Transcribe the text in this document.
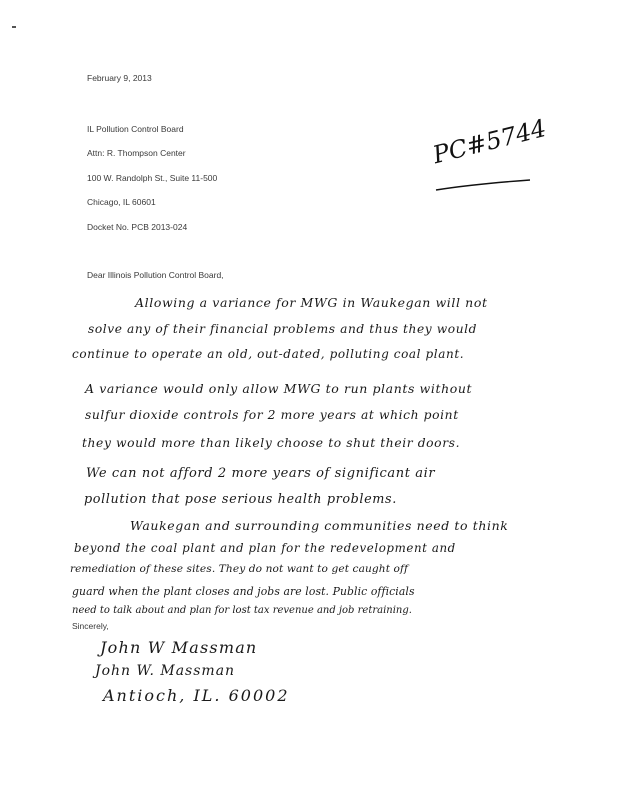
February 9, 2013
IL Pollution Control Board
Attn: R. Thompson Center
100 W. Randolph St., Suite 11-500
Chicago, IL 60601
Docket No. PCB 2013-024
PC#5744
Dear Illinois Pollution Control Board,
Allowing a variance for MWG in Waukegan will not
solve any of their financial problems and thus they would
continue to operate an old, out-dated, polluting coal plant.
A variance would only allow MWG to run plants without
sulfur dioxide controls for 2 more years at which point
they would more than likely choose to shut their doors.
We can not afford 2 more years of significant air
pollution that pose serious health problems.
Waukegan and surrounding communities need to think
beyond the coal plant and plan for the redevelopment and
remediation of these sites. They do not want to get caught off
guard when the plant closes and jobs are lost. Public officials
need to talk about and plan for lost tax revenue and job retraining.
Sincerely,
John W Massman
John W. Massman
Antioch, IL. 60002
